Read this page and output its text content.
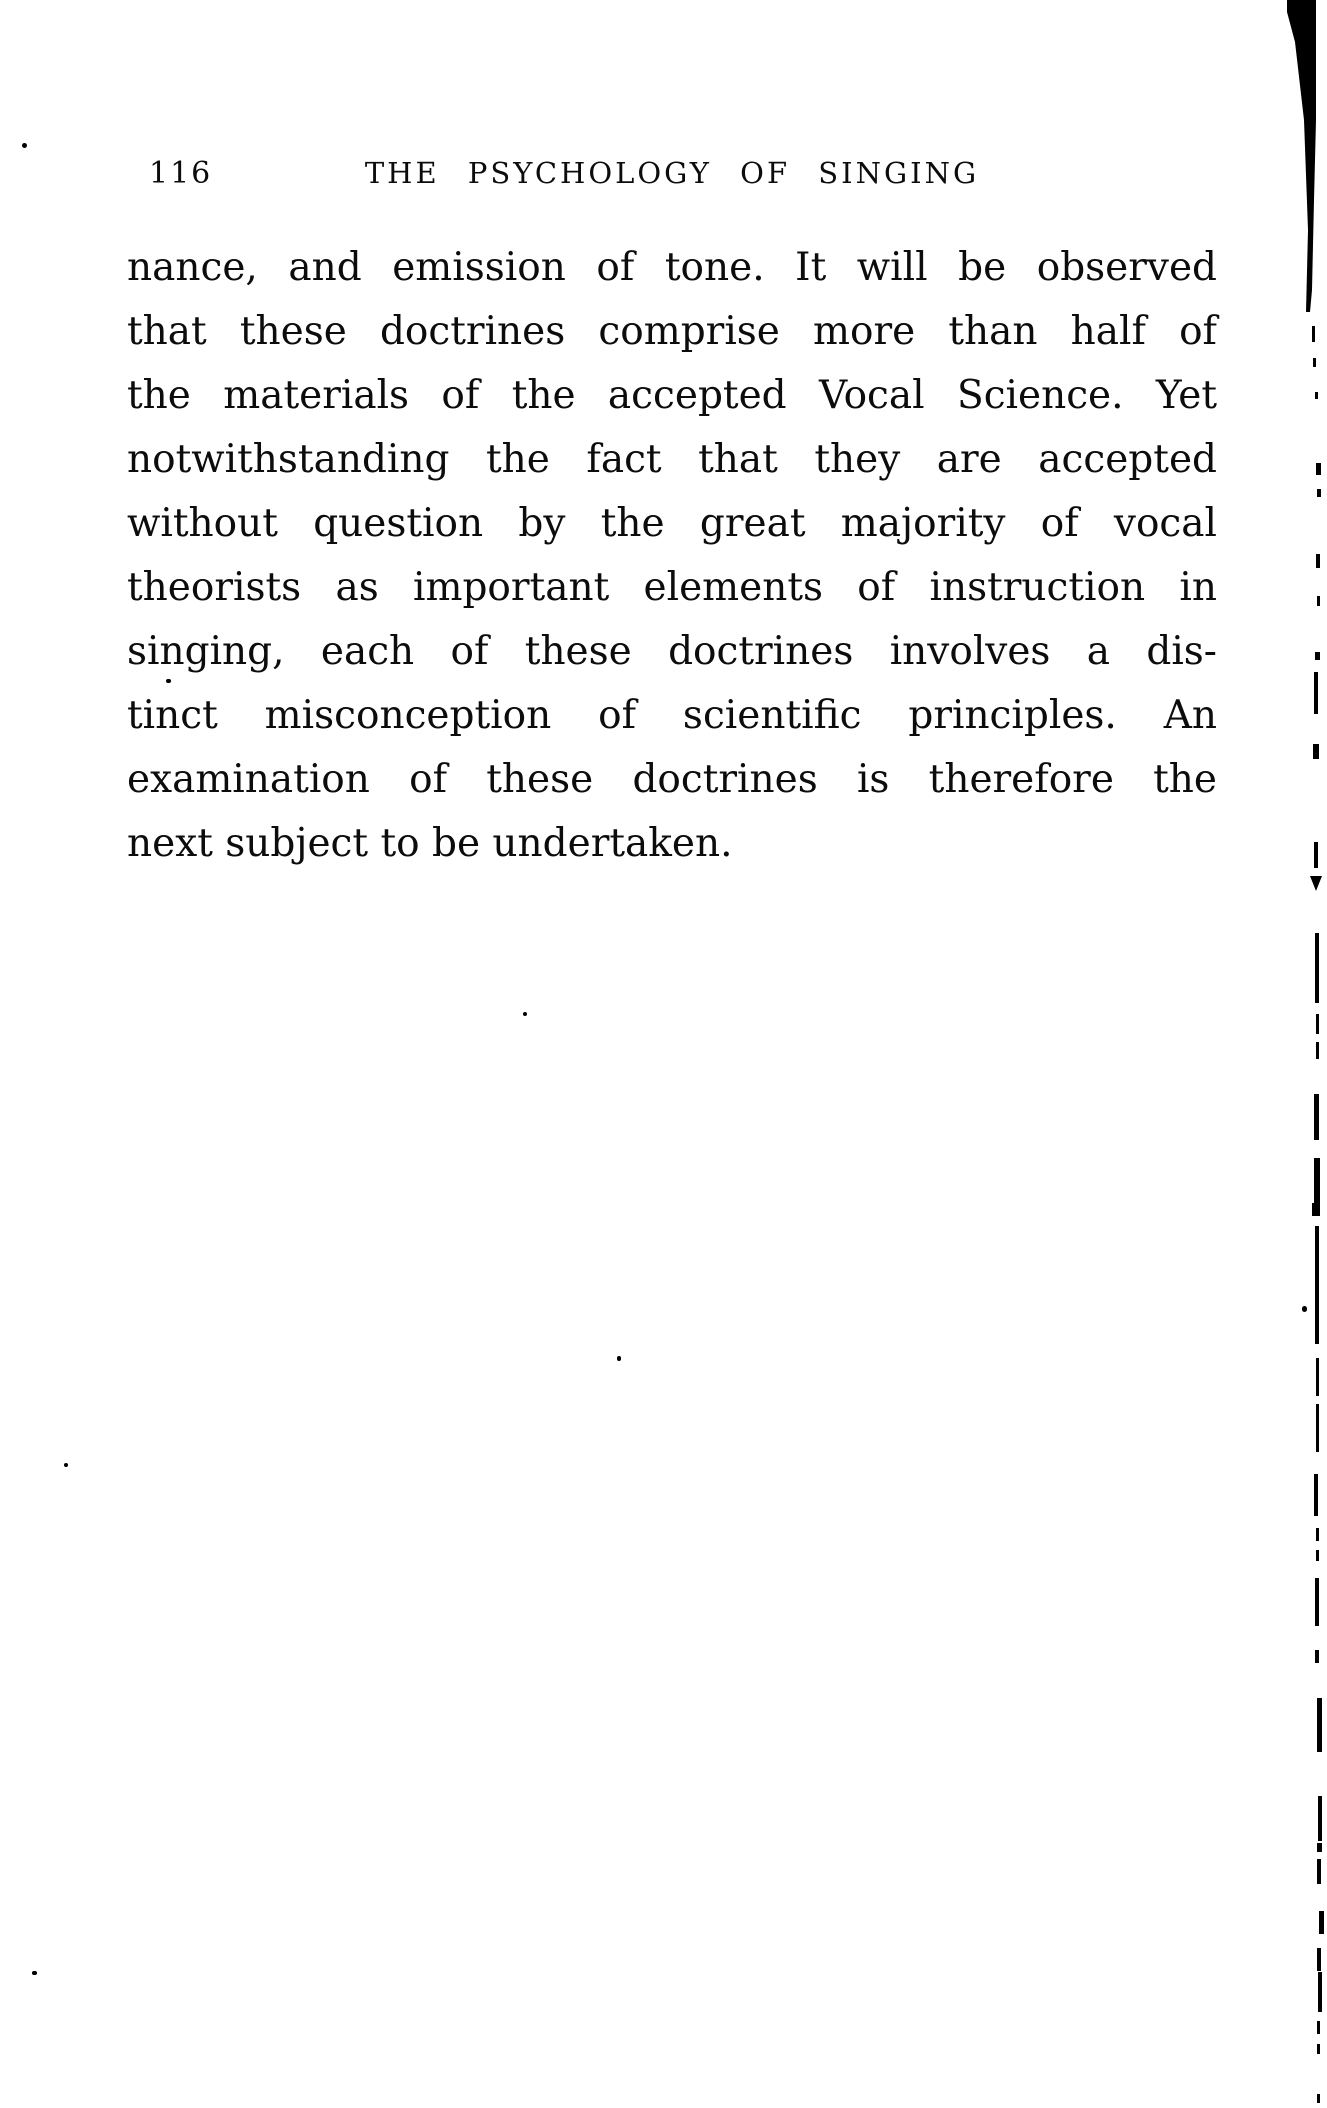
116	THE PSYCHOLOGY OF SINGING
nance, and emission of tone. It will be observed
that these doctrines comprise more than half of
the materials of the accepted Vocal Science. Yet
notwithstanding the fact that they are accepted
without question by the great majority of vocal
theorists as important elements of instruction in
singing, each of these doctrines involves a dis-
tinct misconception of scientific principles. An
examination of these doctrines is therefore the
next subject to be undertaken.
